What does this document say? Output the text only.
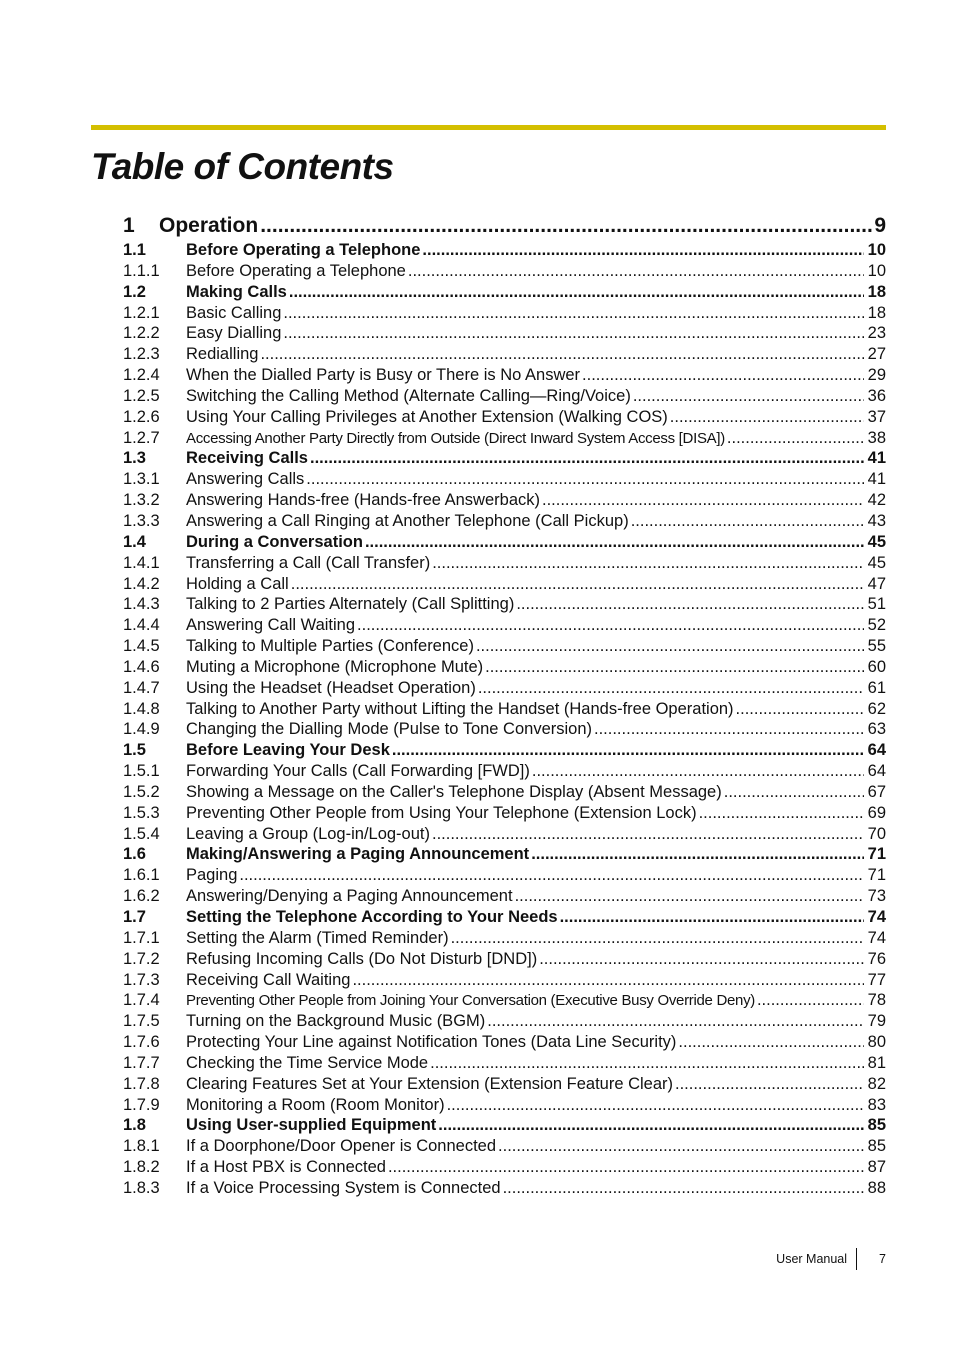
Table of Contents
1	Operation .....	9
1.1	Before Operating a Telephone .....	10
1.1.1	Before Operating a Telephone .....	10
1.2	Making Calls .....	18
1.2.1	Basic Calling .....	18
1.2.2	Easy Dialling .....	23
1.2.3	Redialling .....	27
1.2.4	When the Dialled Party is Busy or There is No Answer .....	29
1.2.5	Switching the Calling Method (Alternate Calling—Ring/Voice) .....	36
1.2.6	Using Your Calling Privileges at Another Extension (Walking COS) .....	37
1.2.7	Accessing Another Party Directly from Outside (Direct Inward System Access [DISA]) .....	38
1.3	Receiving Calls .....	41
1.3.1	Answering Calls .....	41
1.3.2	Answering Hands-free (Hands-free Answerback) .....	42
1.3.3	Answering a Call Ringing at Another Telephone (Call Pickup) .....	43
1.4	During a Conversation .....	45
1.4.1	Transferring a Call (Call Transfer) .....	45
1.4.2	Holding a Call .....	47
1.4.3	Talking to 2 Parties Alternately (Call Splitting) .....	51
1.4.4	Answering Call Waiting .....	52
1.4.5	Talking to Multiple Parties (Conference) .....	55
1.4.6	Muting a Microphone (Microphone Mute) .....	60
1.4.7	Using the Headset (Headset Operation) .....	61
1.4.8	Talking to Another Party without Lifting the Handset (Hands-free Operation) .....	62
1.4.9	Changing the Dialling Mode (Pulse to Tone Conversion) .....	63
1.5	Before Leaving Your Desk .....	64
1.5.1	Forwarding Your Calls (Call Forwarding [FWD]) .....	64
1.5.2	Showing a Message on the Caller's Telephone Display (Absent Message) .....	67
1.5.3	Preventing Other People from Using Your Telephone (Extension Lock) .....	69
1.5.4	Leaving a Group (Log-in/Log-out) .....	70
1.6	Making/Answering a Paging Announcement .....	71
1.6.1	Paging .....	71
1.6.2	Answering/Denying a Paging Announcement .....	73
1.7	Setting the Telephone According to Your Needs .....	74
1.7.1	Setting the Alarm (Timed Reminder) .....	74
1.7.2	Refusing Incoming Calls (Do Not Disturb [DND]) .....	76
1.7.3	Receiving Call Waiting .....	77
1.7.4	Preventing Other People from Joining Your Conversation (Executive Busy Override Deny) .....	78
1.7.5	Turning on the Background Music (BGM) .....	79
1.7.6	Protecting Your Line against Notification Tones (Data Line Security) .....	80
1.7.7	Checking the Time Service Mode .....	81
1.7.8	Clearing Features Set at Your Extension (Extension Feature Clear) .....	82
1.7.9	Monitoring a Room (Room Monitor) .....	83
1.8	Using User-supplied Equipment .....	85
1.8.1	If a Doorphone/Door Opener is Connected .....	85
1.8.2	If a Host PBX is Connected .....	87
1.8.3	If a Voice Processing System is Connected .....	88
User Manual	7
